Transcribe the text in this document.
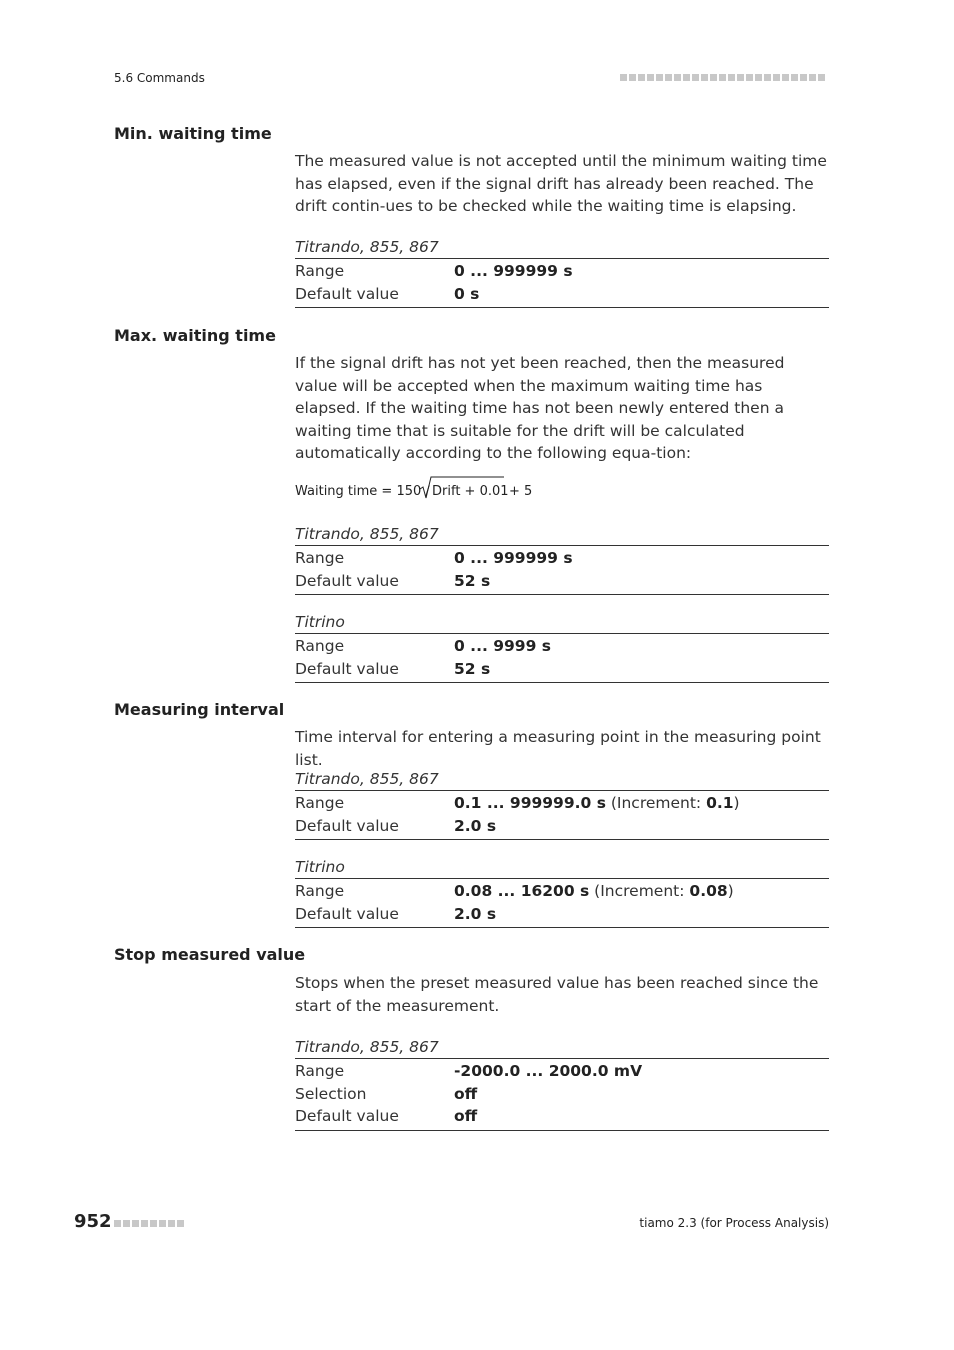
5.6 Commands
Min. waiting time
The measured value is not accepted until the minimum waiting time has elapsed, even if the signal drift has already been reached. The drift contin-ues to be checked while the waiting time is elapsing.
Titrando, 855, 867
Range	0 ... 999999 s
Default value	0 s
Max. waiting time
If the signal drift has not yet been reached, then the measured value will be accepted when the maximum waiting time has elapsed. If the waiting time has not been newly entered then a waiting time that is suitable for the drift will be calculated automatically according to the following equa-tion:
Waiting time = 150 / Drift + 0.01 + 5
Titrando, 855, 867
Range	0 ... 999999 s
Default value	52 s
Titrino
Range	0 ... 9999 s
Default value	52 s
Measuring interval
Time interval for entering a measuring point in the measuring point list.
Titrando, 855, 867
Range	0.1 ... 999999.0 s (Increment: 0.1)
Default value	2.0 s
Titrino
Range	0.08 ... 16200 s (Increment: 0.08)
Default value	2.0 s
Stop measured value
Stops when the preset measured value has been reached since the start of the measurement.
Titrando, 855, 867
Range	-2000.0 ... 2000.0 mV
Selection	off
Default value	off
952	tiamo 2.3 (for Process Analysis)
